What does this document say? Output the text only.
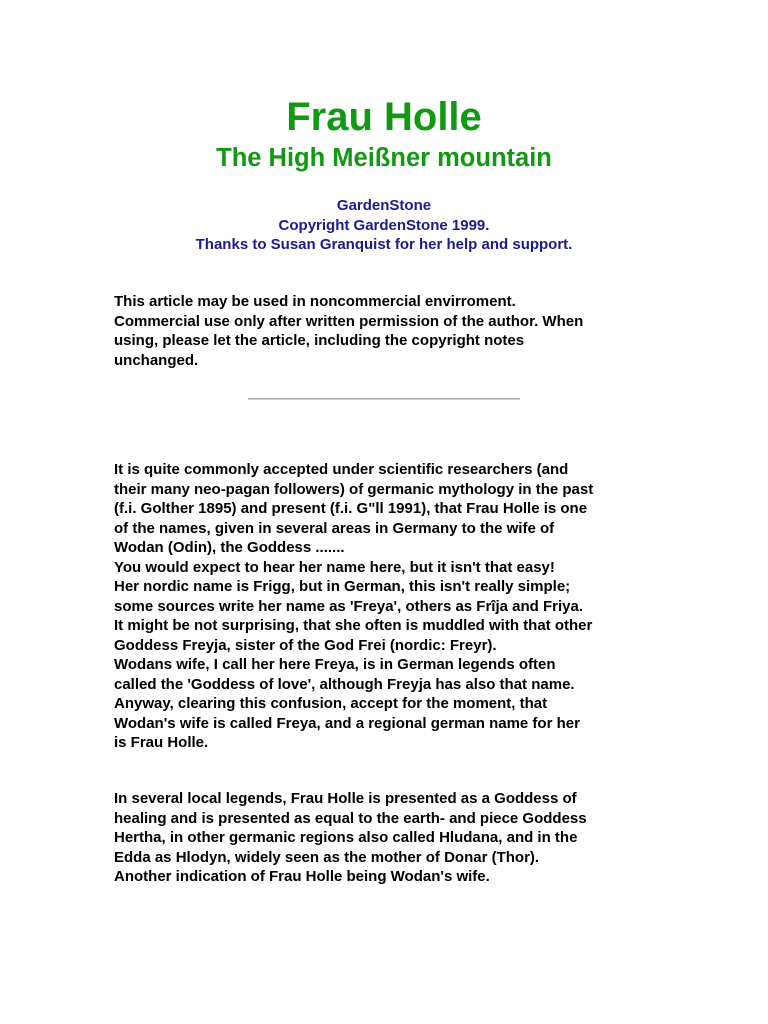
Frau Holle
The High Meißner mountain
GardenStone
Copyright GardenStone 1999.
Thanks to Susan Granquist for her help and support.
This article may be used in noncommercial envirroment.
Commercial use only after written permission of the author. When
using, please let the article, including the copyright notes
unchanged.
It is quite commonly accepted under scientific researchers (and
their many neo-pagan followers) of germanic mythology in the past
(f.i. Golther 1895) and present (f.i. G"ll 1991), that Frau Holle is one
of the names, given in several areas in Germany to the wife of
Wodan (Odin), the Goddess .......
You would expect to hear her name here, but it isn't that easy!
Her nordic name is Frigg, but in German, this isn't really simple;
some sources write her name as 'Freya', others as Frîja and Friya.
It might be not surprising, that she often is muddled with that other
Goddess Freyja, sister of the God Frei (nordic: Freyr).
Wodans wife, I call her here Freya, is in German legends often
called the 'Goddess of love', although Freyja has also that name.
Anyway, clearing this confusion, accept for the moment, that
Wodan's wife is called Freya, and a regional german name for her
is Frau Holle.
In several local legends, Frau Holle is presented as a Goddess of
healing and is presented as equal to the earth- and piece Goddess
Hertha, in other germanic regions also called Hludana, and in the
Edda as Hlodyn, widely seen as the mother of Donar (Thor).
Another indication of Frau Holle being Wodan's wife.
